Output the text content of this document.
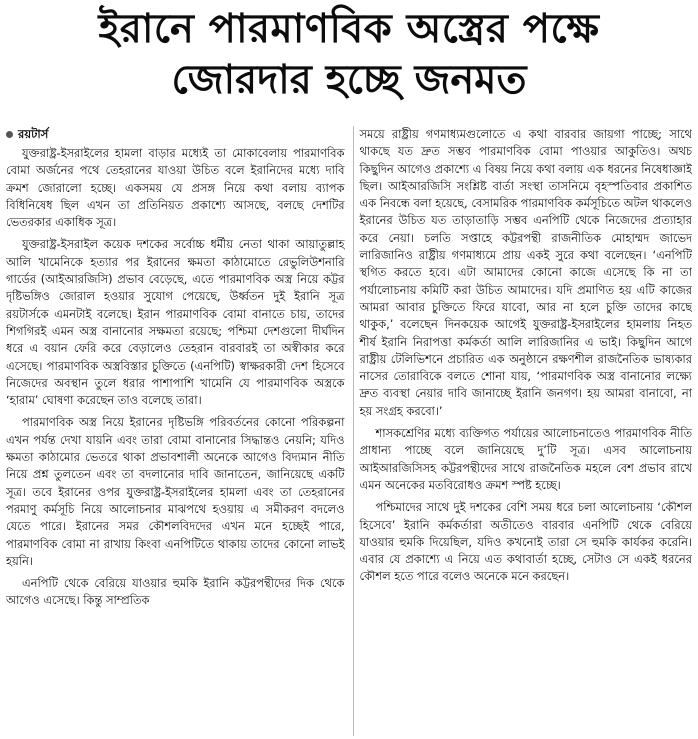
ইরানে পারমাণবিক অস্ত্রের পক্ষে
জোরদার হচ্ছে জনমত
রয়টার্স

যুক্তরাষ্ট্র-ইসরাইলের হামলা বাড়ার মধ্যেই তা মোকাবেলায় পারমাণবিক বোমা অর্জনের পথে তেহরানের যাওয়া উচিত বলে ইরানিদের মধ্যে দাবি ক্রমশ জোরালো হচ্ছে। একসময় যে প্রসঙ্গ নিয়ে কথা বলায় ব্যাপক বিধিনিষেধ ছিল এখন তা প্রতিনিয়ত প্রকাশ্যে আসছে, বলছে দেশটির ভেতরকার একাধিক সূত্র।

যুক্তরাষ্ট্র-ইসরাইল কয়েক দশকের সর্বোচ্চ ধর্মীয় নেতা থাকা আয়াতুল্লাহ আলি খামেনিকে হত্যার পর ইরানের ক্ষমতা কাঠামোতে রেভুলিউশনারি গার্ডের (আইআরজিসি) প্রভাব বেড়েছে, এতে পারমাণবিক অস্ত্র নিয়ে কট্টর দৃষ্টিভঙ্গিও জোরাল হওয়ার সুযোগ পেয়েছে, উর্ধ্বতন দুই ইরানি সূত্র রয়টার্সকে এমনটাই বলেছে। ইরান পারমাণবিক বোমা বানাতে চায়, তাদের শিগগিরই এমন অস্ত্র বানানোর সক্ষমতা রয়েছে; পশ্চিমা দেশগুলো দীর্ঘদিন ধরে এ বয়ান ফেরি করে বেড়ালেও তেহরান বারবারই তা অস্বীকার করে এসেছে। পারমাণবিক অস্ত্রবিস্তার চুক্তিতে (এনপিটি) স্বাক্ষরকারী দেশ হিসেবে নিজেদের অবস্থান তুলে ধরার পাশাপাশি খামেনি যে পারমাণবিক অস্ত্রকে ‘হারাম’ ঘোষণা করেছেন তাও বলেছে তারা।

পারমাণবিক অস্ত্র নিয়ে ইরানের দৃষ্টিভঙ্গি পরিবর্তনের কোনো পরিকল্পনা এখন পর্যন্ত দেখা যায়নি এবং তারা বোমা বানানোর সিদ্ধান্তও নেয়নি; যদিও ক্ষমতা কাঠামোর ভেতরে থাকা প্রভাবশালী অনেকে আগেও বিদ্যমান নীতি নিয়ে প্রশ্ন তুলতেন এবং তা বদলানোর দাবি জানাতেন, জানিয়েছে একটি সূত্র। তবে ইরানের ওপর যুক্তরাষ্ট্র-ইসরাইলের হামলা এবং তা তেহরানের পরমাণু কর্মসূচি নিয়ে আলোচনার মাঝপথে হওয়ায় এ সমীকরণ বদলেও যেতে পারে। ইরানের সমর কৌশলবিদদের এখন মনে হচ্ছেই পারে, পারমাণবিক বোমা না রাখায় কিংবা এনপিটিতে থাকায় তাদের কোনো লাভই হয়নি।

এনপিটি থেকে বেরিয়ে যাওয়ার হুমকি ইরানি কট্টরপন্থীদের দিক থেকে আগেও এসেছে। কিন্তু সাম্প্রতিক

সময়ে রাষ্ট্রীয় গণমাধ্যমগুলোতে এ কথা বারবার জায়গা পাচ্ছে; সাথে থাকছে যত দ্রুত সম্ভব পারমাণবিক বোমা পাওয়ার আকুতিও। অথচ কিছুদিন আগেও প্রকাশ্যে এ বিষয় নিয়ে কথা বলায় এক ধরনের নিষেধাজ্ঞাই ছিল। আইআরজিসি সংশ্লিষ্ট বার্তা সংস্থা তাসনিমে বৃহস্পতিবার প্রকাশিত এক নিবন্ধে বলা হয়েছে, বেসামরিক পারমাণবিক কর্মসূচিতে অটল থাকলেও ইরানের উচিত যত তাড়াতাড়ি সম্ভব এনপিটি থেকে নিজেদের প্রত্যাহার করে নেয়া। চলতি সপ্তাহে কট্টরপন্থী রাজনীতিক মোহাম্মদ জাভেদ লারিজানিও রাষ্ট্রীয় গণমাধ্যমে প্রায় একই সুরে কথা বলেছেন। ‘এনপিটি স্থগিত করতে হবে। এটা আমাদের কোনো কাজে এসেছে কি না তা পর্যালোচনায় কমিটি করা উচিত আমাদের। যদি প্রমাণিত হয় এটি কাজের আমরা আবার চুক্তিতে ফিরে যাবো, আর না হলে চুক্তি তাদের কাছে থাকুক,’ বলেছেন দিনকয়েক আগেই যুক্তরাষ্ট্র-ইসরাইলের হামলায় নিহত শীর্ষ ইরানি নিরাপত্তা কর্মকর্তা আলি লারিজানির এ ভাই। কিছুদিন আগে রাষ্ট্রীয় টেলিভিশনে প্রচারিত এক অনুষ্ঠানে রক্ষণশীল রাজনৈতিক ভাষ্যকার নাসের তোরাবিকে বলতে শোনা যায়, ‘পারমাণবিক অস্ত্র বানানোর লক্ষ্যে দ্রুত ব্যবস্থা নেয়ার দাবি জানাচ্ছে ইরানি জনগণ। হয় আমরা বানাবো, না হয় সংগ্রহ করবো।’

শাসকশ্রেণির মধ্যে ব্যক্তিগত পর্যায়ের আলোচনাতেও পারমাণবিক নীতি প্রাধান্য পাচ্ছে বলে জানিয়েছে দু’টি সূত্র। এসব আলোচনায় আইআরজিসিসহ কট্টরপন্থীদের সাথে রাজনৈতিক মহলে বেশ প্রভাব রাখে এমন অনেকের মতবিরোধও ক্রমশ স্পষ্ট হচ্ছে।

পশ্চিমাদের সাথে দুই দশকের বেশি সময় ধরে চলা আলোচনায় ‘কৌশল হিসেবে’ ইরানি কর্মকর্তারা অতীতেও বারবার এনপিটি থেকে বেরিয়ে যাওয়ার হুমকি দিয়েছিল, যদিও কখনোই তারা সে হুমকি কার্যকর করেনি। এবার যে প্রকাশ্যে এ নিয়ে এত কথাবার্তা হচ্ছে, সেটাও সে একই ধরনের কৌশল হতে পারে বলেও অনেকে মনে করছেন।
